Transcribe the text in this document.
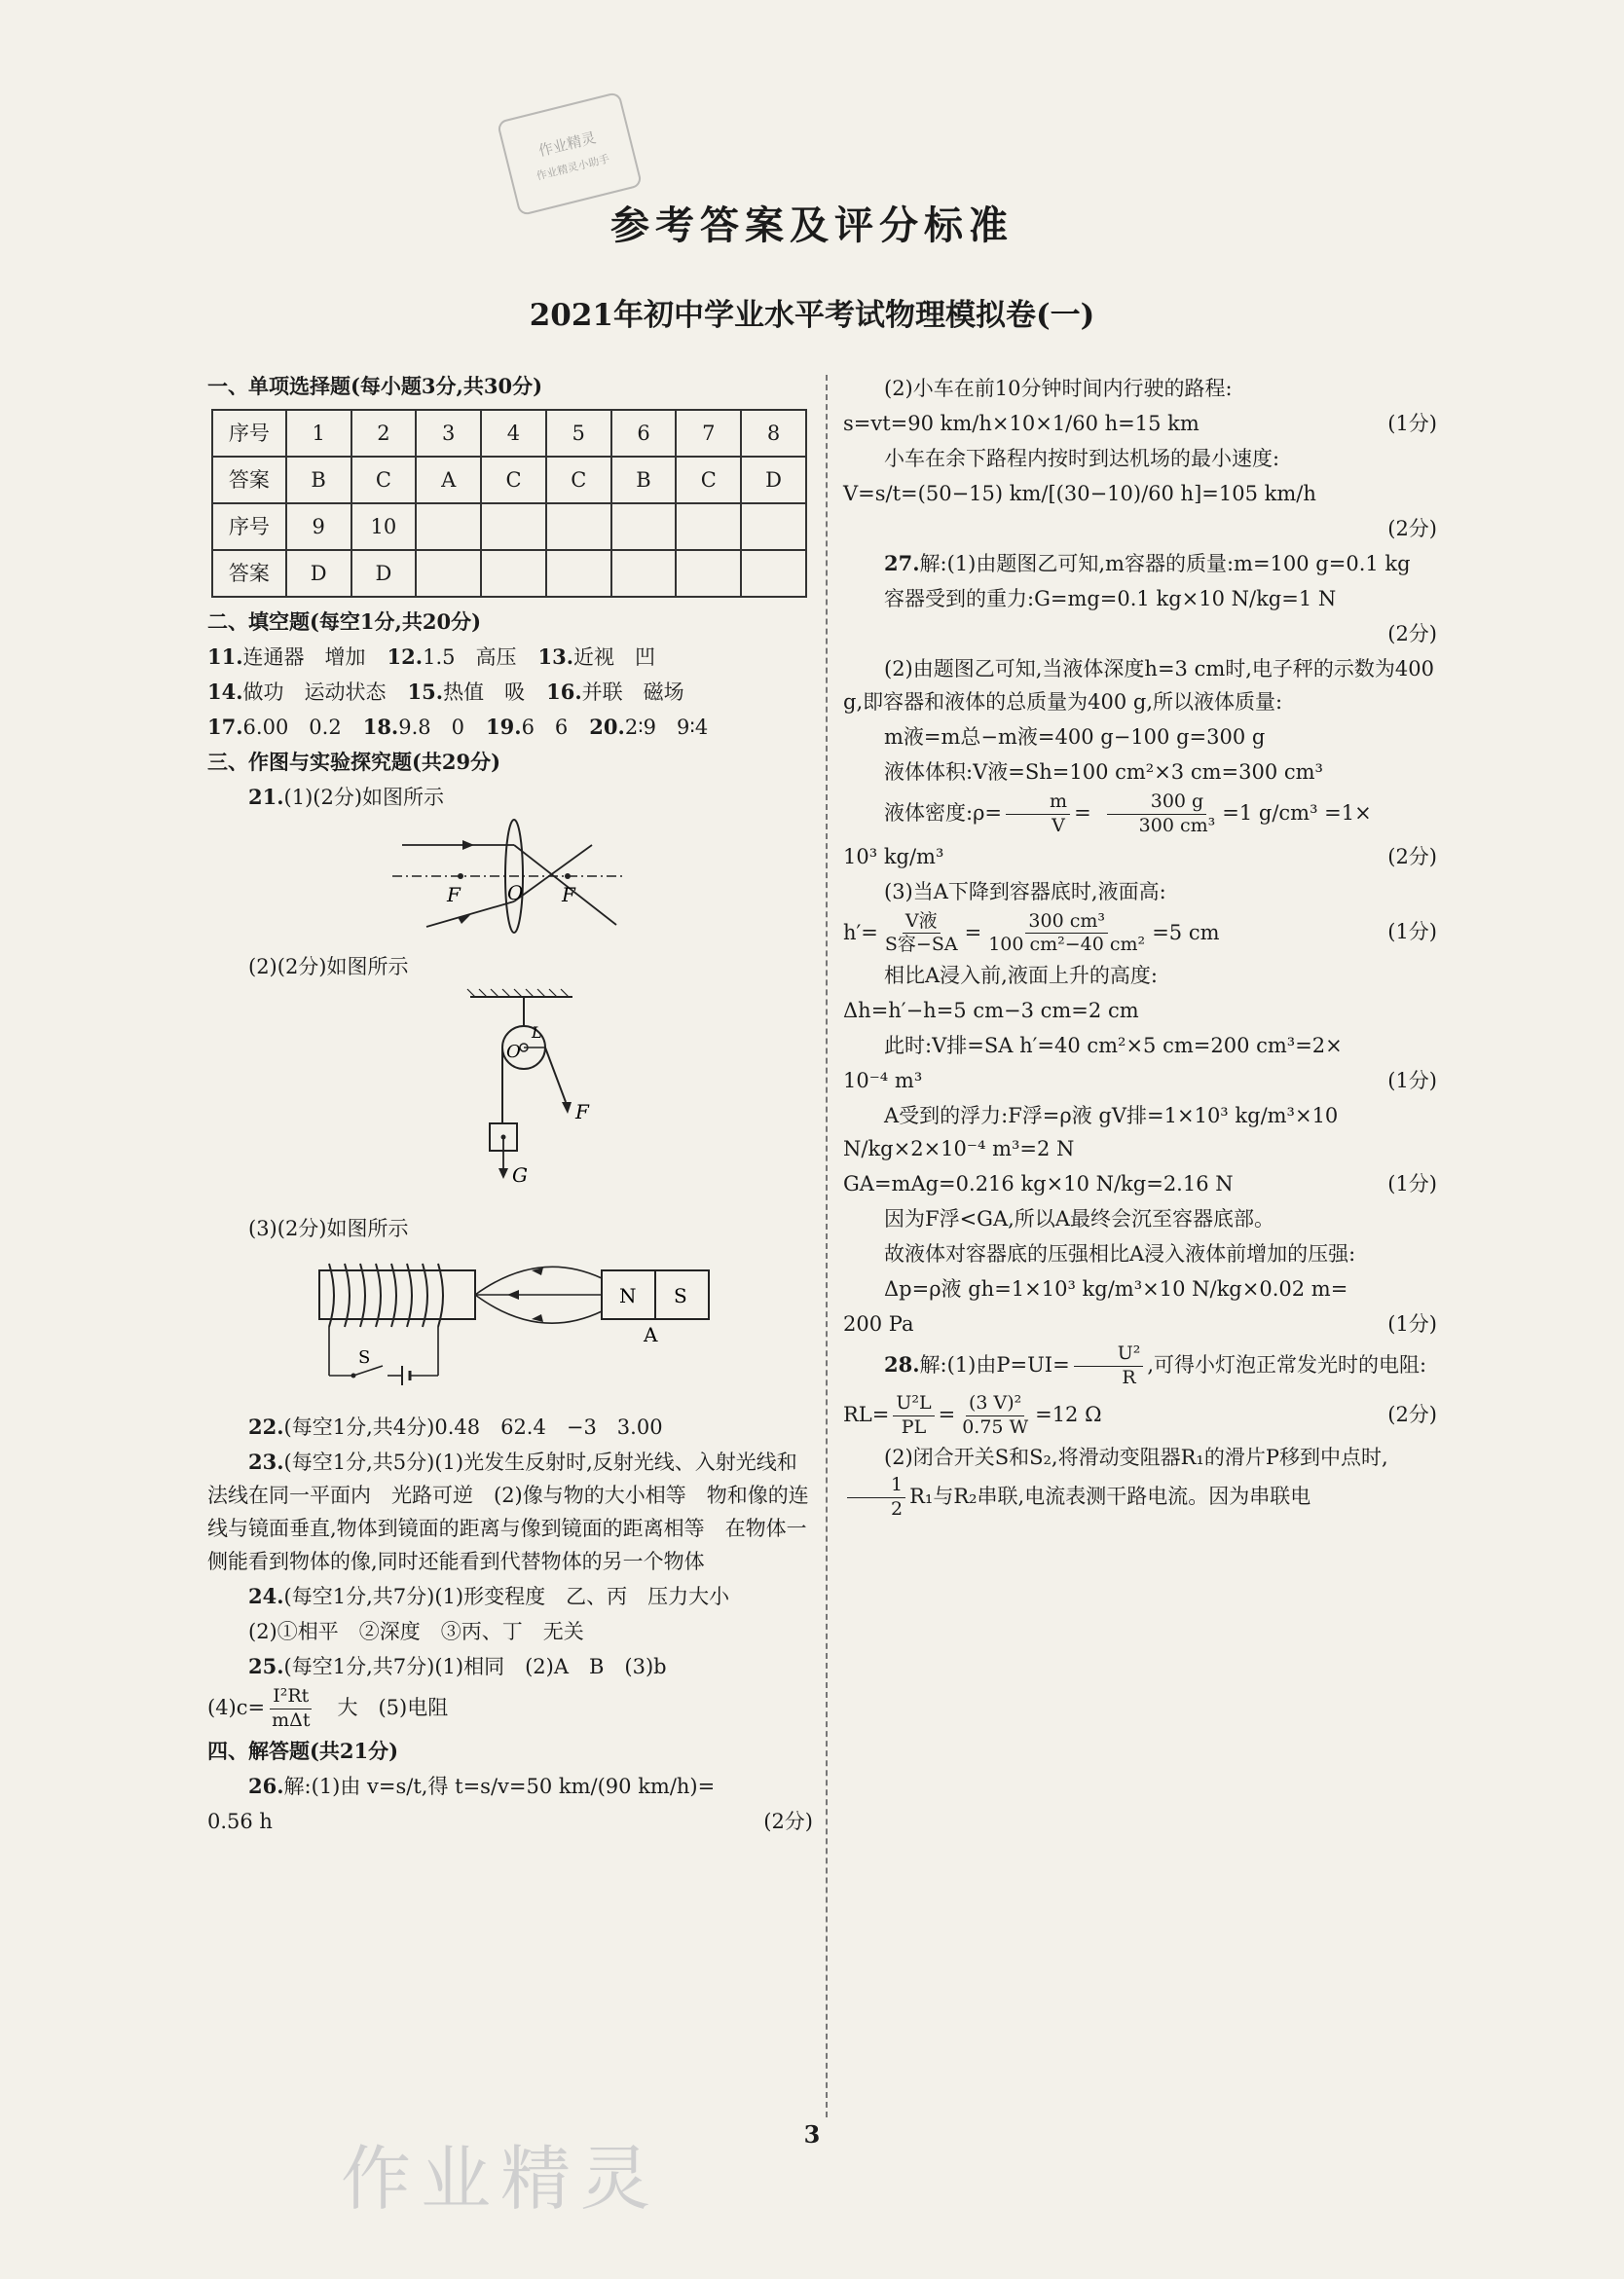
作业精灵
作业精灵小助手
参考答案及评分标准
2021年初中学业水平考试物理模拟卷(一)
一、单项选择题(每小题3分,共30分)
序号	1	2	3	4	5	6	7	8
答案	B	C	A	C	C	B	C	D
序号	9	10						
答案	D	D						
二、填空题(每空1分,共20分)
11.连通器　增加 12.1.5　高压 13.近视　凹
14.做功　运动状态 15.热值　吸 16.并联　磁场
17.6.00　0.2 18.9.8　0 19.6　6 20.2∶9　9∶4
三、作图与实验探究题(共29分)
21.(1)(2分)如图所示
F O F
(2)(2分)如图所示
O
L
F
G
(3)(2分)如图所示
N S
A
S
22.(每空1分,共4分)0.48　62.4　−3　3.00
23.(每空1分,共5分)(1)光发生反射时,反射光线、入射光线和法线在同一平面内　光路可逆　(2)像与物的大小相等　物和像的连线与镜面垂直,物体到镜面的距离与像到镜面的距离相等　在物体一侧能看到物体的像,同时还能看到代替物体的另一个物体
24.(每空1分,共7分)(1)形变程度　乙、丙　压力大小
(2)①相平　②深度　③丙、丁　无关
25.(每空1分,共7分)(1)相同　(2)A　B　(3)b
$(4)c= \frac{\text{I²Rt}}{\text{mΔt}}$ 　大　(5)电阻
四、解答题(共21分)
26.解:(1)由 v=s/t,得 t=s/v=50 km/(90 km/h)=
0.56 h	(2分)
(2)小车在前10分钟时间内行驶的路程:
s=vt=90 km/h×10×1/60 h=15 km	(1分)
小车在余下路程内按时到达机场的最小速度:
V=s/t=(50−15) km/[(30−10)/60 h]=105 km/h
(2分)
27.解:(1)由题图乙可知,m容器的质量:m=100 g=0.1 kg
容器受到的重力:G=mg=0.1 kg×10 N/kg=1 N
(2分)
(2)由题图乙可知,当液体深度h=3 cm时,电子秤的示数为400 g,即容器和液体的总质量为400 g,所以液体质量:
m液=m总−m液=400 g−100 g=300 g
液体体积:V液=Sh=100 cm²×3 cm=300 cm³
液体密度:ρ= $\frac{m}{V} = \frac{300 g}{\text{300 cm³}} =1$ g/cm³ =1×
10³ kg/m³	(2分)
(3)当A下降到容器底时,液面高:
$h'= \frac{\text{V液}}{\text{S容−SA}} = \frac{\text{300 cm³}}{\text{100 cm²−40 cm²}} =5$ cm	(1分)
相比A浸入前,液面上升的高度:
Δh=h′−h=5 cm−3 cm=2 cm
此时:V排=SA h′=40 cm²×5 cm=200 cm³=2×
10⁻⁴ m³	(1分)
A受到的浮力:F浮=ρ液 gV排=1×10³ kg/m³×10 N/kg×2×10⁻⁴ m³=2 N
GA=mAg=0.216 kg×10 N/kg=2.16 N	(1分)
因为F浮<GA,所以A最终会沉至容器底部。
故液体对容器底的压强相比A浸入液体前增加的压强:
Δp=ρ液 gh=1×10³ kg/m³×10 N/kg×0.02 m=
200 Pa	(1分)
28.解:(1)由$P=UI= \frac{\text{U²}}{R}$ ,可得小灯泡正常发光时的电阻:
$RL= \frac{\text{U²L}}{PL} = \frac{\text{(3 V)²}}{0.75 W} =12$ Ω	(2分)
(2)闭合开关S和S₂,将滑动变阻器R₁的滑片P移到中点时,
$\frac{1}{2} R_1$与R₂串联,电流表测干路电流。因为串联电
作业精灵
3
